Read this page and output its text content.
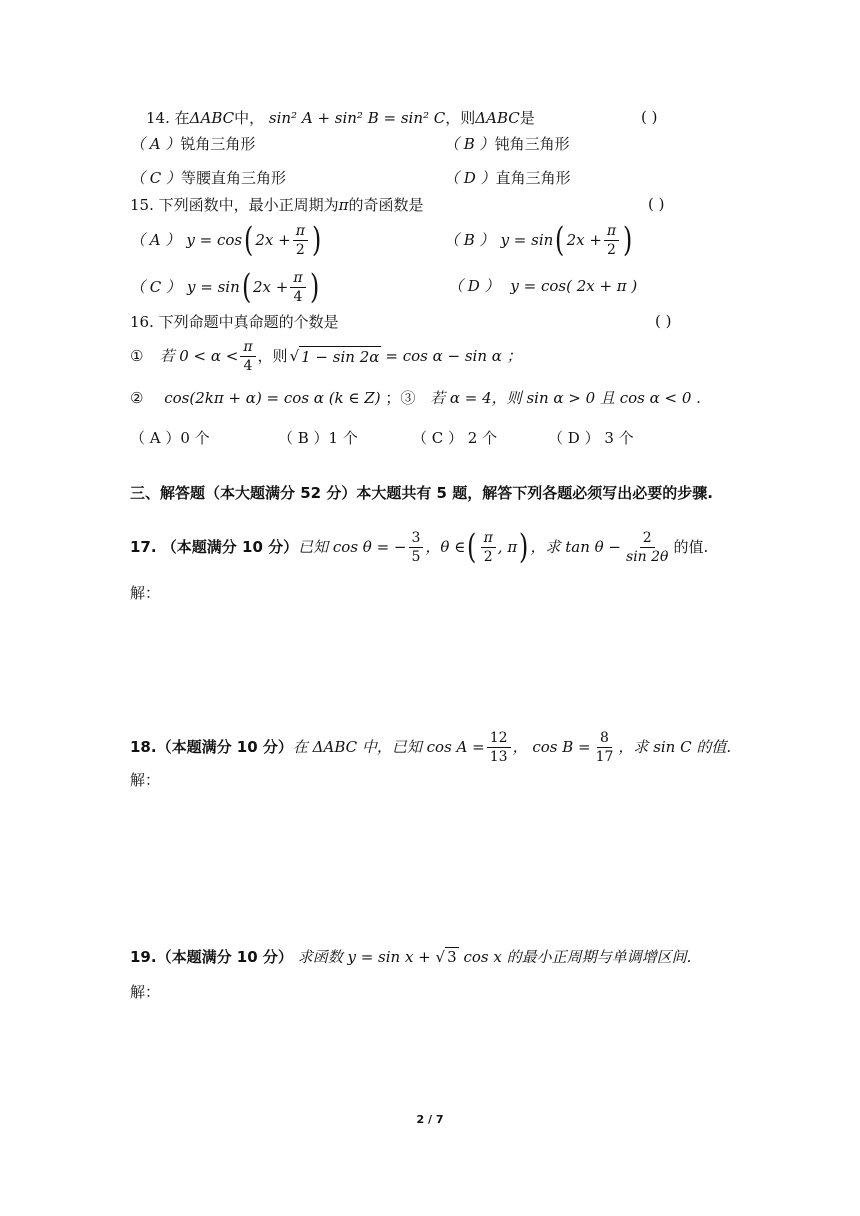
14. 在ΔABC中， sin² A + sin² B = sin² C，则ΔABC是	( )
（ A ）锐角三角形	（ B ）钝角三角形
（ C ）等腰直角三角形	（ D ）直角三角形
15. 下列函数中，最小正周期为π的奇函数是	( )
（ A ） y = cos ( $2x + \frac{\pi}{2}$ )	（ B ） y = sin ( $2x + \frac{\pi}{2}$ )
（ C ） y = sin ( $2x + \frac{\pi}{4}$ )	（ D ） y = cos( 2x + π )
16. 下列命题中真命题的个数是	( )
① 若 $0 < \alpha < \frac{\pi}{4}$ ，则 √ 1 − sin 2α = cos α − sin α ；
② cos(2kπ + α) = cos α (k ∈ Z) ；③ 若 α = 4，则 sin α > 0 且 cos α < 0 .
（ A ）0 个	（ B ）1 个	（ C ） 2 个	（ D ） 3 个
三、解答题（本大题满分 52 分）本大题共有 5 题，解答下列各题必须写出必要的步骤.
17. （本题满分 10 分） 已知 cos θ = − $\frac{3}{5}$ ，θ ∈ ( $\frac{\pi}{2}$ , π ) ，求 $\tan \theta - \frac{2}{\sin 2\theta}$ 的值.
解：
18.（本题满分 10 分） 在 ΔABC 中，已知 $\cos A = \frac{12}{13}$ ， $\cos B = \frac{8}{17}$ ，求 sin C 的值.
解：
19.（本题满分 10 分） 求函数 y = sin x + √ 3 cos x 的最小正周期与单调增区间.
解：
2 / 7
